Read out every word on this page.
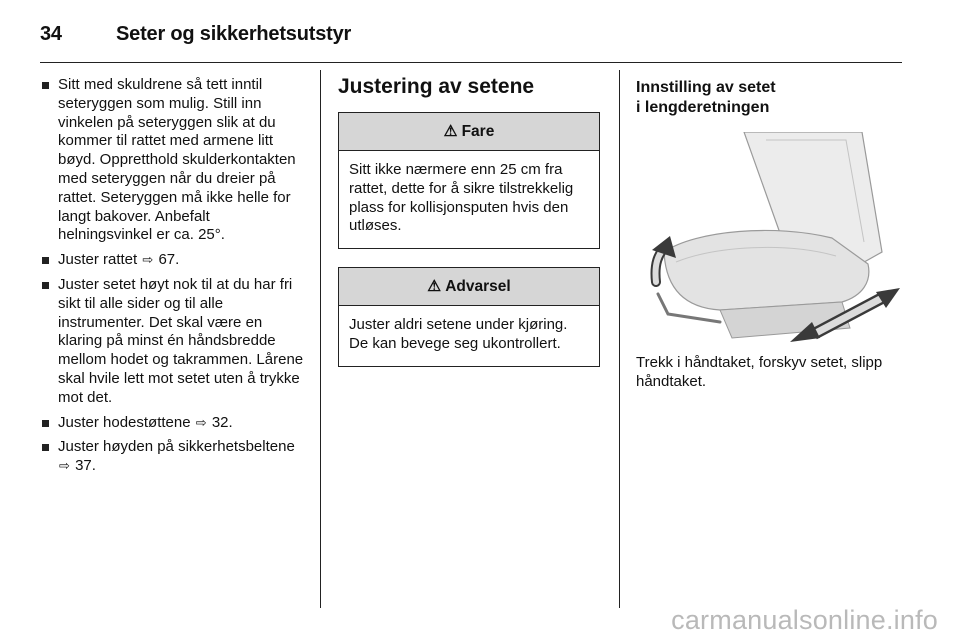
34	Seter og sikkerhetsutstyr
Sitt med skuldrene så tett inntil seteryggen som mulig. Still inn vinkelen på seteryggen slik at du kommer til rattet med armene litt bøyd. Oppretthold skulderkontakten med seteryggen når du dreier på rattet. Seteryggen må ikke helle for langt bakover. Anbefalt helningsvinkel er ca. 25°.
Juster rattet ⇨ 67.
Juster setet høyt nok til at du har fri sikt til alle sider og til alle instrumenter. Det skal være en klaring på minst én håndsbredde mellom hodet og takrammen. Lårene skal hvile lett mot setet uten å trykke mot det.
Juster hodestøttene ⇨ 32.
Juster høyden på sikkerhetsbeltene ⇨ 37.
Justering av setene
⚠ Fare
Sitt ikke nærmere enn 25 cm fra rattet, dette for å sikre tilstrekkelig plass for kollisjonsputen hvis den utløses.
⚠ Advarsel
Juster aldri setene under kjøring. De kan bevege seg ukontrollert.
Innstilling av setet
i lengderetningen

Trekk i håndtaket, forskyv setet, slipp håndtaket.

carmanualsonline.info
